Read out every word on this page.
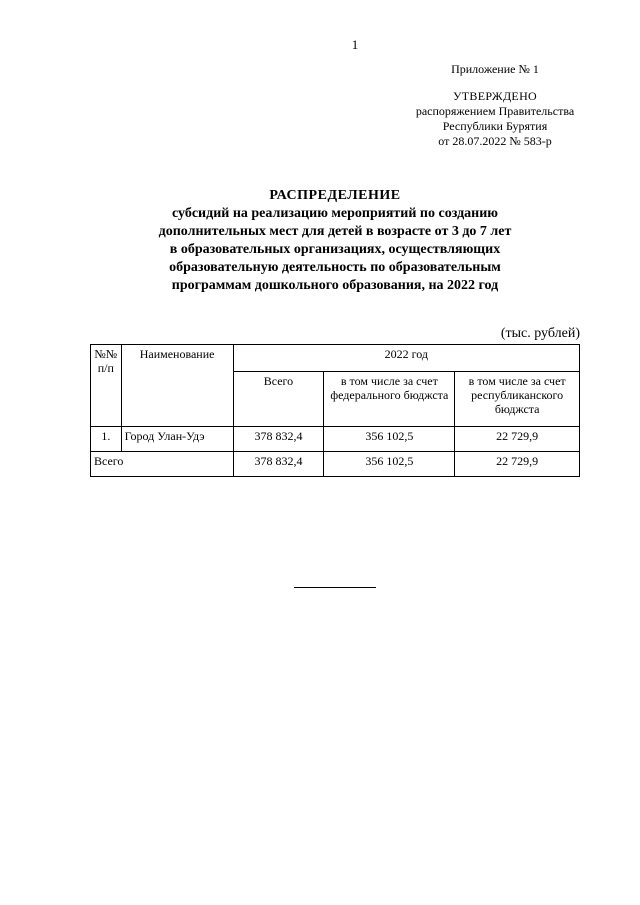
1
Приложение № 1
УТВЕРЖДЕНО
распоряжением Правительства
Республики Бурятия
от 28.07.2022 № 583-р
РАСПРЕДЕЛЕНИЕ
субсидий на реализацию мероприятий по созданию
дополнительных мест для детей в возрасте от 3 до 7 лет
в образовательных организациях, осуществляющих
образовательную деятельность по образовательным
программам дошкольного образования, на 2022 год
(тыс. рублей)
№№ п/п	Наименование	2022 год		
		Всего	в том числе за счет федерального бюджста	в том числе за счет республиканского бюджста
1.	Город Улан-Удэ	378 832,4	356 102,5	22 729,9
Всего		378 832,4	356 102,5	22 729,9
